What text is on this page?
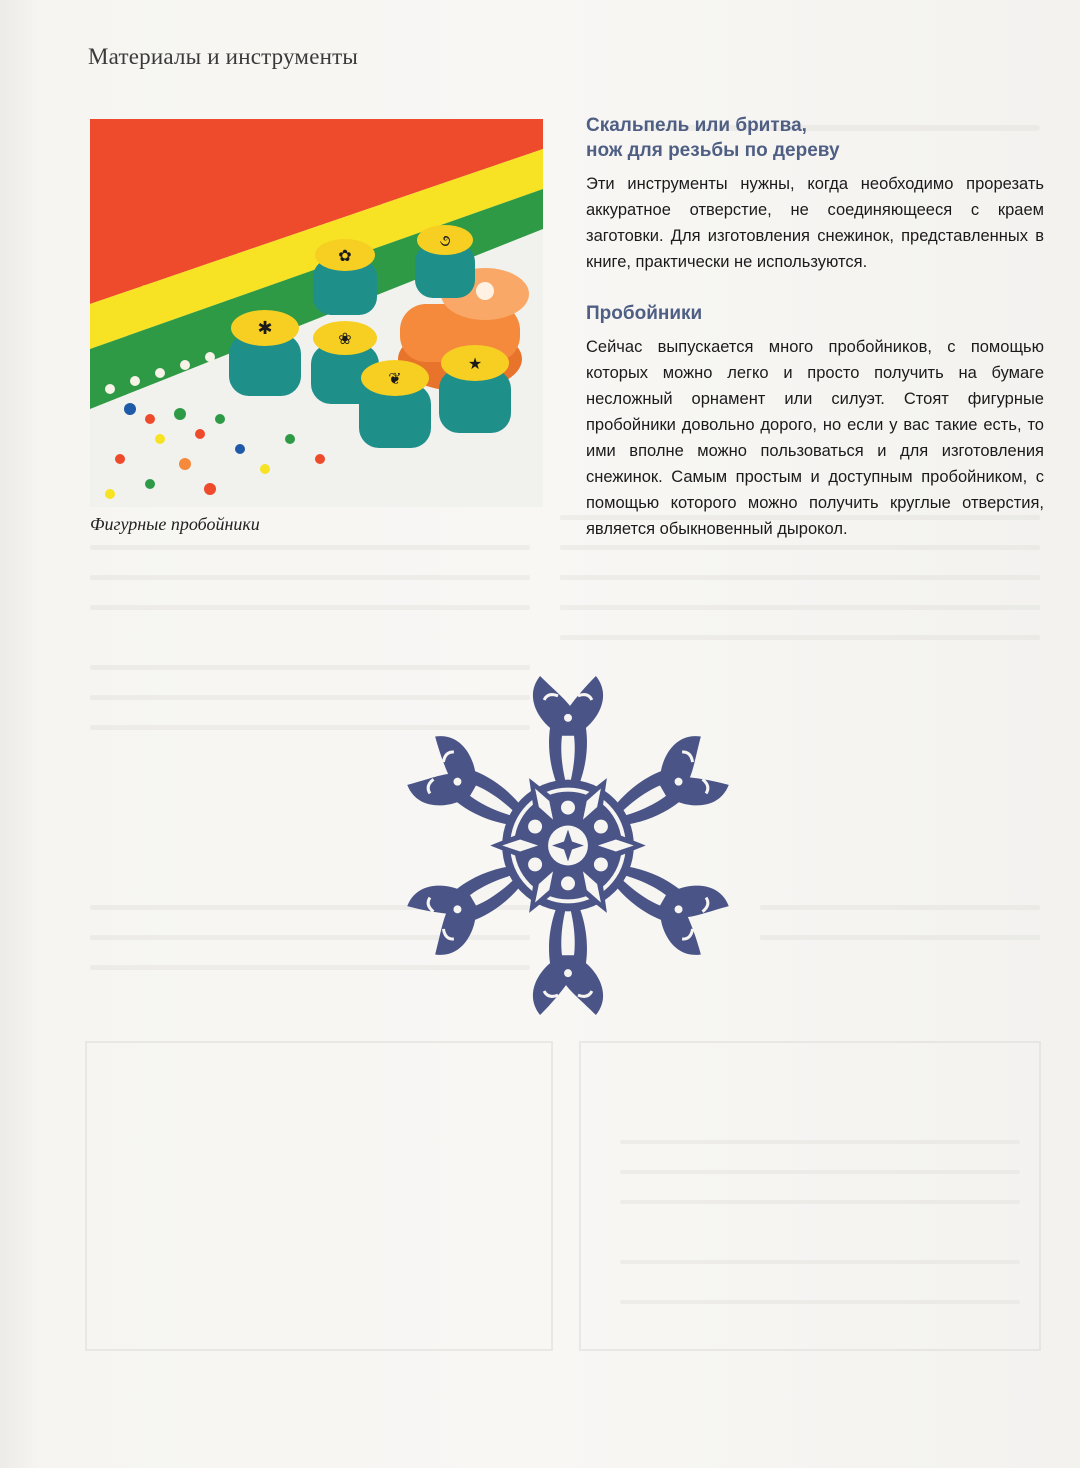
Материалы и инструменты
✿
૭
✱
❀
❦
★
Фигурные пробойники

Скальпель или бритва,
нож для резьбы по дереву

Эти инструменты нужны, когда необходимо прорезать аккуратное отверстие, не соединяющееся с краем заготовки. Для изготовления снежинок, представленных в книге, практически не используются.

Пробойники

Сейчас выпускается много пробойников, с помощью которых можно легко и просто получить на бумаге несложный орнамент или силуэт. Стоят фигурные пробойники довольно дорого, но если у вас такие есть, то ими вполне можно пользоваться и для изготовления снежинок. Самым простым и доступным пробойником, с помощью которого можно получить круглые отверстия, является обыкновенный дырокол.
